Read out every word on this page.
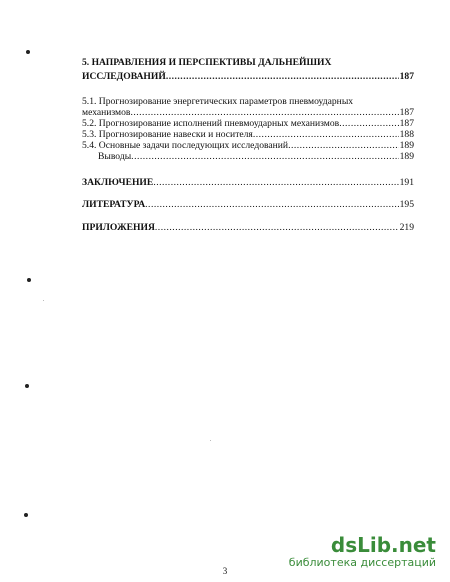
5. НАПРАВЛЕНИЯ И ПЕРСПЕКТИВЫ ДАЛЬНЕЙШИХ
ИССЛЕДОВАНИЙ .....	187
5.1. Прогнозирование энергетических параметров пневмоударных
механизмов .....	187
5.2. Прогнозирование исполнений пневмоударных механизмов .....	187
5.3. Прогнозирование навески и носителя .....	188
5.4. Основные задачи последующих исследований .....	189
Выводы .....	189
ЗАКЛЮЧЕНИЕ .....	191
ЛИТЕРАТУРА .....	195
ПРИЛОЖЕНИЯ .....	219
dsLib.net
библиотека диссертаций
3
